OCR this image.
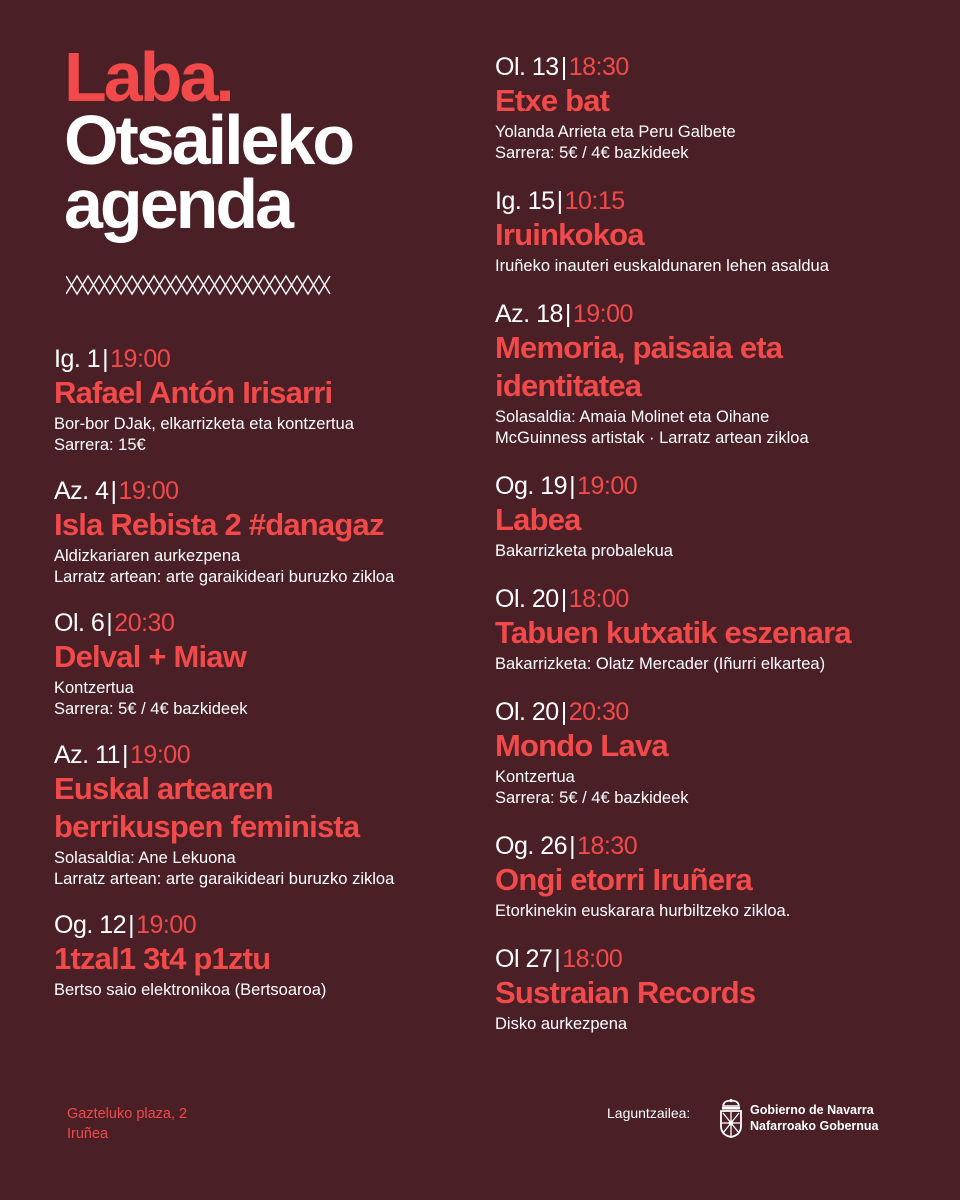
Laba.
Otsaileko
agenda
Ig. 1|19:00
Rafael Antón Irisarri
Bor-bor DJak, elkarrizketa eta kontzertua
Sarrera: 15€
Az. 4|19:00
Isla Rebista 2 #danagaz
Aldizkariaren aurkezpena
Larratz artean: arte garaikideari buruzko zikloa
Ol. 6|20:30
Delval + Miaw
Kontzertua
Sarrera: 5€ / 4€ bazkideek
Az. 11|19:00
Euskal artearen
berrikuspen feminista
Solasaldia: Ane Lekuona
Larratz artean: arte garaikideari buruzko zikloa
Og. 12|19:00
1tzal1 3t4 p1ztu
Bertso saio elektronikoa (Bertsoaroa)
Ol. 13|18:30
Etxe bat
Yolanda Arrieta eta Peru Galbete
Sarrera: 5€ / 4€ bazkideek
Ig. 15|10:15
Iruinkokoa
Iruñeko inauteri euskaldunaren lehen asaldua
Az. 18|19:00
Memoria, paisaia eta
identitatea
Solasaldia: Amaia Molinet eta Oihane
McGuinness artistak · Larratz artean zikloa
Og. 19|19:00
Labea
Bakarrizketa probalekua
Ol. 20|18:00
Tabuen kutxatik eszenara
Bakarrizketa: Olatz Mercader (Iñurri elkartea)
Ol. 20|20:30
Mondo Lava
Kontzertua
Sarrera: 5€ / 4€ bazkideek
Og. 26|18:30
Ongi etorri Iruñera
Etorkinekin euskarara hurbiltzeko zikloa.
Ol 27|18:00
Sustraian Records
Disko aurkezpena
Gazteluko plaza, 2
Iruñea
Laguntzailea:	Gobierno de Navarra
Nafarroako Gobernua
